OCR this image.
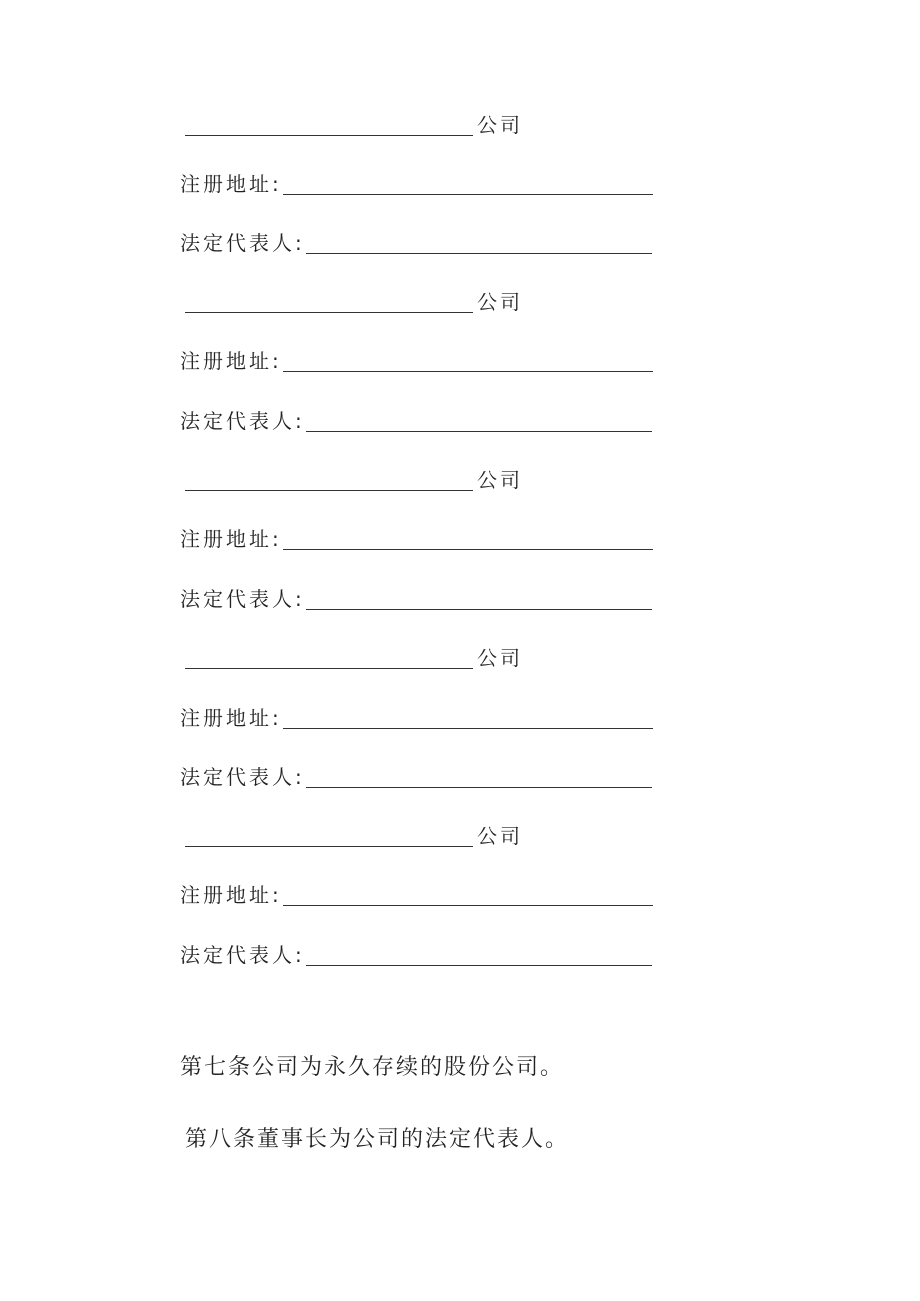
公司
注册地址:
法定代表人:
公司
注册地址:
法定代表人:
公司
注册地址:
法定代表人:
公司
注册地址:
法定代表人:
公司
注册地址:
法定代表人:
第七条公司为永久存续的股份公司。
第八条董事长为公司的法定代表人。
